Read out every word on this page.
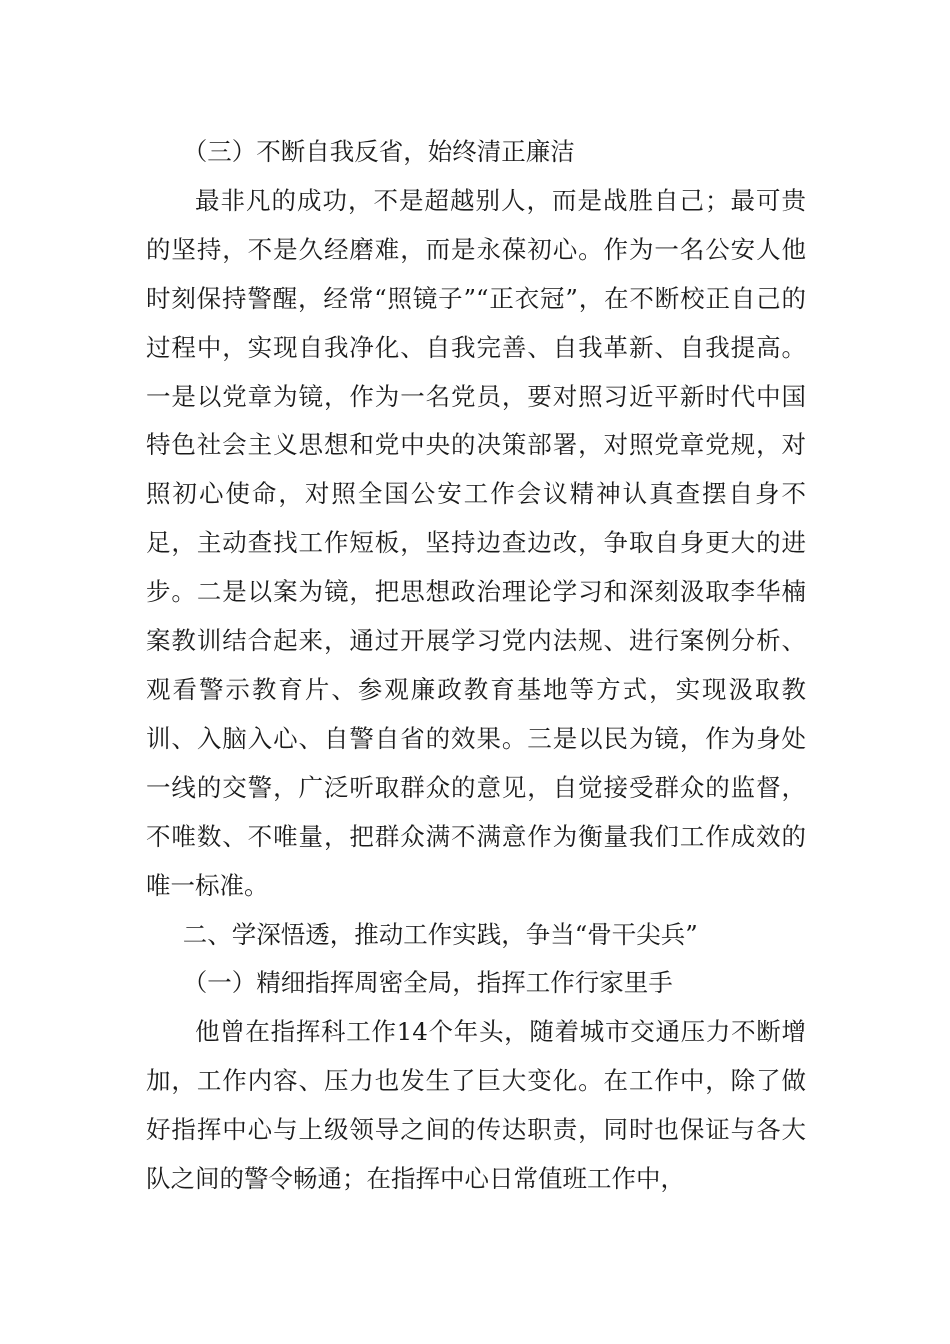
（三）不断自我反省，始终清正廉洁

最非凡的成功，不是超越别人，而是战胜自己；最可贵的坚持，不是久经磨难，而是永葆初心。作为一名公安人他时刻保持警醒，经常“照镜子”“正衣冠”，在不断校正自己的过程中，实现自我净化、自我完善、自我革新、自我提高。一是以党章为镜，作为一名党员，要对照习近平新时代中国特色社会主义思想和党中央的决策部署，对照党章党规，对照初心使命，对照全国公安工作会议精神认真查摆自身不足，主动查找工作短板，坚持边查边改，争取自身更大的进步。二是以案为镜，把思想政治理论学习和深刻汲取李华楠案教训结合起来，通过开展学习党内法规、进行案例分析、观看警示教育片、参观廉政教育基地等方式，实现汲取教训、入脑入心、自警自省的效果。三是以民为镜，作为身处一线的交警，广泛听取群众的意见，自觉接受群众的监督，不唯数、不唯量，把群众满不满意作为衡量我们工作成效的唯一标准。

二、学深悟透，推动工作实践，争当“骨干尖兵”

（一）精细指挥周密全局，指挥工作行家里手

他曾在指挥科工作14个年头，随着城市交通压力不断增加，工作内容、压力也发生了巨大变化。在工作中，除了做好指挥中心与上级领导之间的传达职责，同时也保证与各大队之间的警令畅通；在指挥中心日常值班工作中，
